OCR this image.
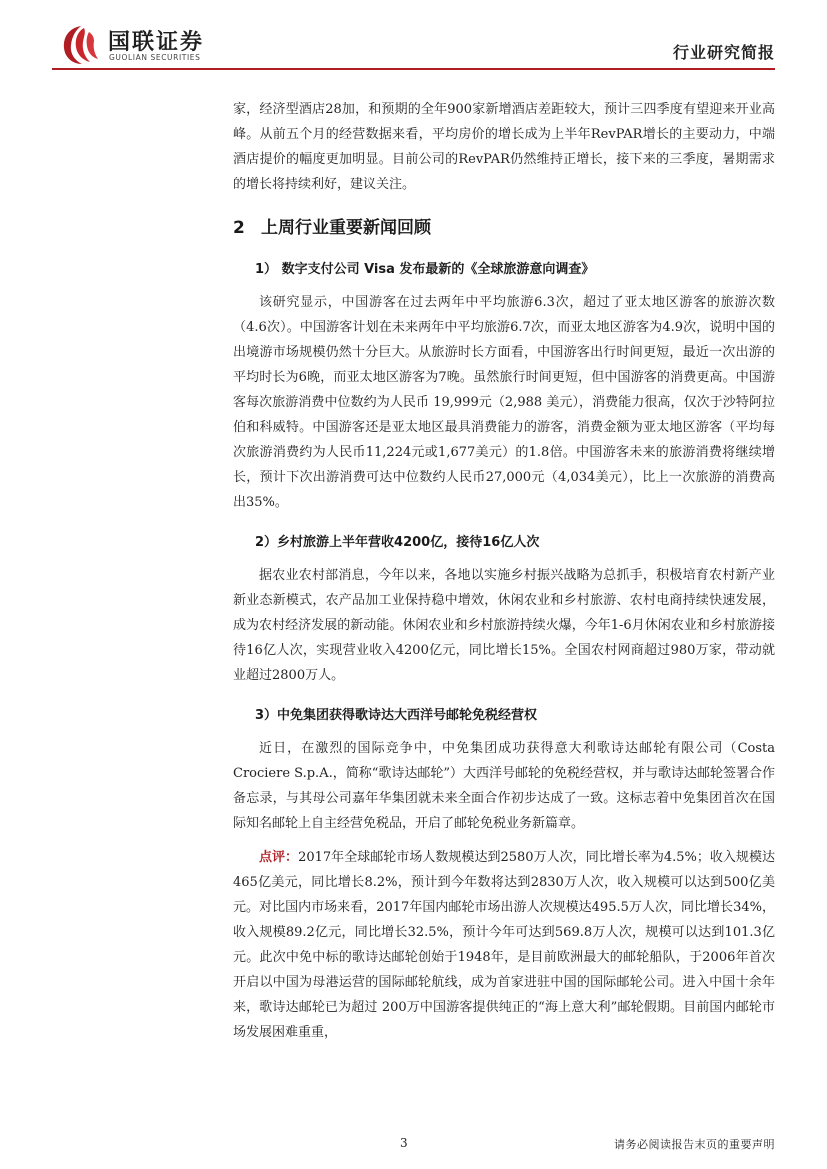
国联证券
GUOLIAN SECURITIES	行业研究简报

家，经济型酒店28加，和预期的全年900家新增酒店差距较大，预计三四季度有望迎来开业高峰。从前五个月的经营数据来看，平均房价的增长成为上半年RevPAR增长的主要动力，中端酒店提价的幅度更加明显。目前公司的RevPAR仍然维持正增长，接下来的三季度，暑期需求的增长将持续利好，建议关注。

2 上周行业重要新闻回顾
1） 数字支付公司 Visa 发布最新的《全球旅游意向调查》

该研究显示，中国游客在过去两年中平均旅游6.3次，超过了亚太地区游客的旅游次数（4.6次）。中国游客计划在未来两年中平均旅游6.7次，而亚太地区游客为4.9次，说明中国的出境游市场规模仍然十分巨大。从旅游时长方面看，中国游客出行时间更短，最近一次出游的平均时长为6晚，而亚太地区游客为7晚。虽然旅行时间更短，但中国游客的消费更高。中国游客每次旅游消费中位数约为人民币 19,999元（2,988 美元），消费能力很高，仅次于沙特阿拉伯和科威特。中国游客还是亚太地区最具消费能力的游客，消费金额为亚太地区游客（平均每次旅游消费约为人民币11,224元或1,677美元）的1.8倍。中国游客未来的旅游消费将继续增长，预计下次出游消费可达中位数约人民币27,000元（4,034美元），比上一次旅游的消费高出35%。

2）乡村旅游上半年营收4200亿，接待16亿人次

据农业农村部消息，今年以来，各地以实施乡村振兴战略为总抓手，积极培育农村新产业新业态新模式，农产品加工业保持稳中增效，休闲农业和乡村旅游、农村电商持续快速发展，成为农村经济发展的新动能。休闲农业和乡村旅游持续火爆，今年1-6月休闲农业和乡村旅游接待16亿人次，实现营业收入4200亿元，同比增长15%。全国农村网商超过980万家，带动就业超过2800万人。

3）中免集团获得歌诗达大西洋号邮轮免税经营权

近日，在激烈的国际竞争中，中免集团成功获得意大利歌诗达邮轮有限公司（Costa Crociere S.p.A.，简称“歌诗达邮轮”）大西洋号邮轮的免税经营权，并与歌诗达邮轮签署合作备忘录，与其母公司嘉年华集团就未来全面合作初步达成了一致。这标志着中免集团首次在国际知名邮轮上自主经营免税品，开启了邮轮免税业务新篇章。

点评：2017年全球邮轮市场人数规模达到2580万人次，同比增长率为4.5%；收入规模达465亿美元，同比增长8.2%，预计到今年数将达到2830万人次，收入规模可以达到500亿美元。对比国内市场来看，2017年国内邮轮市场出游人次规模达495.5万人次，同比增长34%，收入规模89.2亿元，同比增长32.5%，预计今年可达到569.8万人次，规模可以达到101.3亿元。此次中免中标的歌诗达邮轮创始于1948年，是目前欧洲最大的邮轮船队，于2006年首次开启以中国为母港运营的国际邮轮航线，成为首家进驻中国的国际邮轮公司。进入中国十余年来，歌诗达邮轮已为超过 200万中国游客提供纯正的“海上意大利”邮轮假期。目前国内邮轮市场发展困难重重，

3	请务必阅读报告末页的重要声明
